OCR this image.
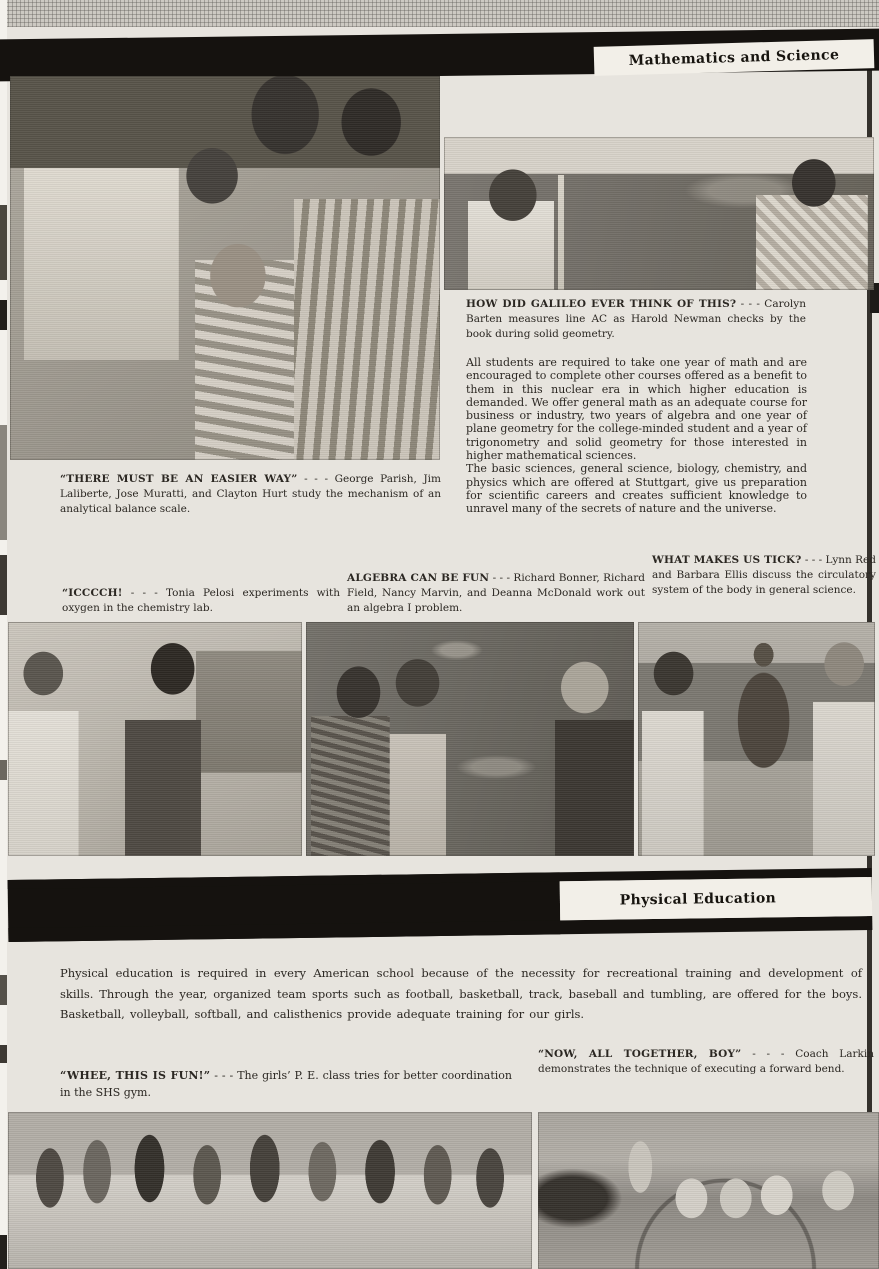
Mathematics and Science

HOW DID GALILEO EVER THINK OF THIS? - - - Carolyn Barten measures line AC as Harold Newman checks by the book during solid geometry.

All students are required to take one year of math and are encouraged to complete other courses offered as a benefit to them in this nuclear era in which higher education is demanded. We offer general math as an adequate course for business or industry, two years of algebra and one year of plane geometry for the college-minded student and a year of trigonometry and solid geometry for those interested in higher mathematical sciences.

The basic sciences, general science, biology, chemistry, and physics which are offered at Stuttgart, give us preparation for scientific careers and creates sufficient knowledge to unravel many of the secrets of nature and the universe.

“THERE MUST BE AN EASIER WAY” - - - George Parish, Jim Laliberte, Jose Muratti, and Clayton Hurt study the mechanism of an analytical balance scale.

“ICCCCH! - - - Tonia Pelosi experiments with oxygen in the chemistry lab.

ALGEBRA CAN BE FUN - - - Richard Bonner, Richard Field, Nancy Marvin, and Deanna McDonald work out an algebra I problem.

WHAT MAKES US TICK? - - - Lynn Red and Barbara Ellis discuss the circulatory system of the body in general science.

Physical Education

Physical education is required in every American school because of the necessity for recreational training and development of skills. Through the year, organized team sports such as football, basketball, track, baseball and tumbling, are offered for the boys. Basketball, volleyball, softball, and calisthenics provide adequate training for our girls.

“WHEE, THIS IS FUN!” - - - The girls’ P. E. class tries for better coordination in the SHS gym.

“NOW, ALL TOGETHER, BOY” - - - Coach Larkin demonstrates the technique of executing a forward bend.
